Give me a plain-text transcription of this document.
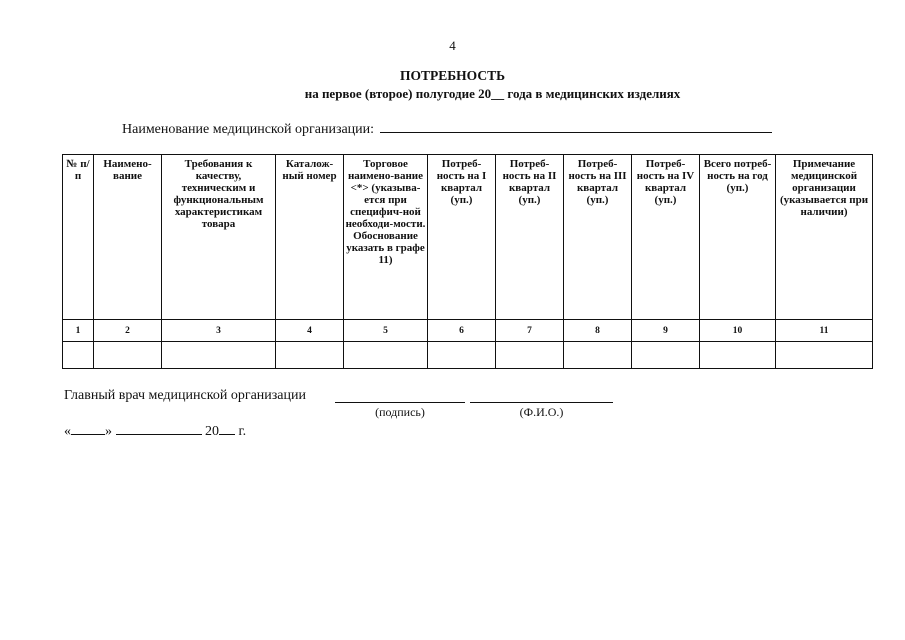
4
ПОТРЕБНОСТЬ
на первое (второе) полугодие 20__ года в медицинских изделиях
Наименование медицинской организации:
№ п/п	Наимено-вание	Требования к качеству, техническим и функциональным характеристикам товара	Каталож-ный номер	Торговое наимено-вание <*> (указыва-ется при специфич-ной необходи-мости. Обоснование указать в графе 11)	Потреб-ность на I квартал (уп.)	Потреб-ность на II квартал (уп.)	Потреб-ность на III квартал (уп.)	Потреб-ность на IV квартал (уп.)	Всего потреб-ность на год (уп.)	Примечание медицинской организации (указывается при наличии)
1	2	3	4	5	6	7	8	9	10	11

Главный врач медицинской организации
(подпись)	(Ф.И.О.)
« »	20 г.
